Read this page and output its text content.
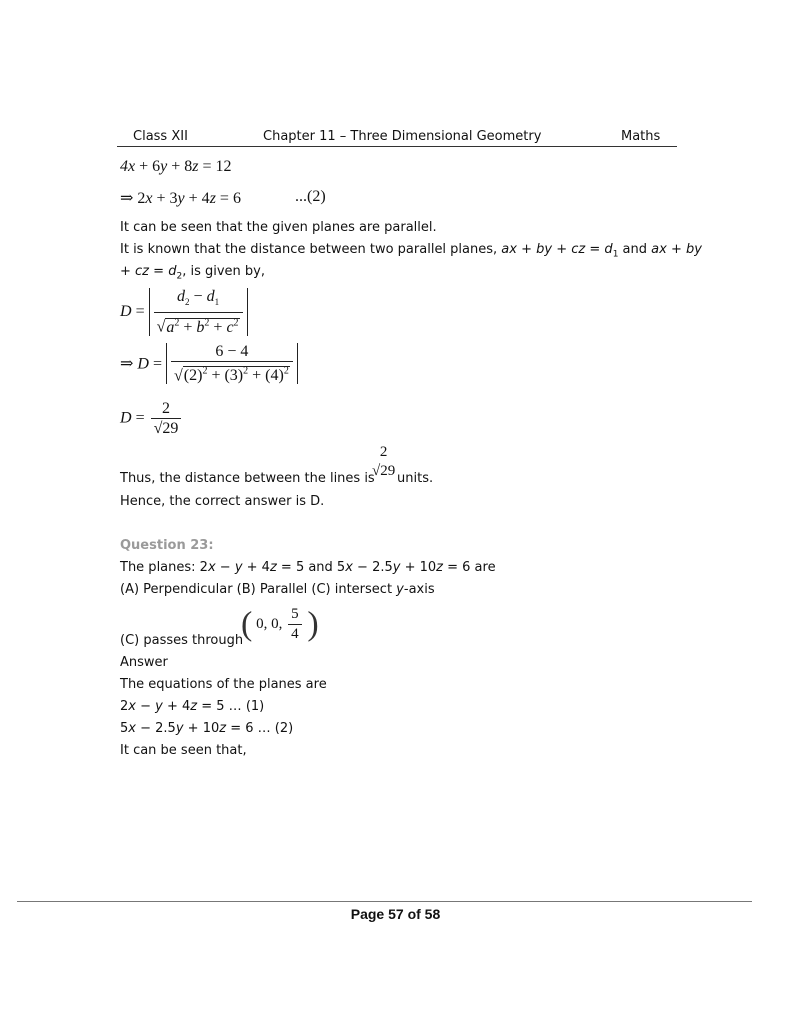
Class XII	Chapter 11 – Three Dimensional Geometry	Maths
4x + 6y + 8z = 12
⇒ 2x + 3y + 4z = 6	...(2)
It can be seen that the given planes are parallel.
It is known that the distance between two parallel planes, ax + by + cz = $d_1$ and ax + by
+ cz = $d_2$, is given by,
$D = \frac{d_2 - d_1}{√a^2 + b^2 + c^2}$
⇒ $D = \frac{6 - 4}{√(2)^2 + (3)^2 + (4)^2}$
$D = \frac{2}{√29}$
Thus, the distance between the lines is
2
√29 units.
Hence, the correct answer is D.
Question 23:
The planes: 2x − y + 4z = 5 and 5x − 2.5y + 10z = 6 are
(A) Perpendicular (B) Parallel (C) intersect y-axis
(C) passes through
( 0, 0, $\frac{5}{4}$ )
Answer
The equations of the planes are
2x − y + 4z = 5 … (1)
5x − 2.5y + 10z = 6 … (2)
It can be seen that,
Page 57 of 58
